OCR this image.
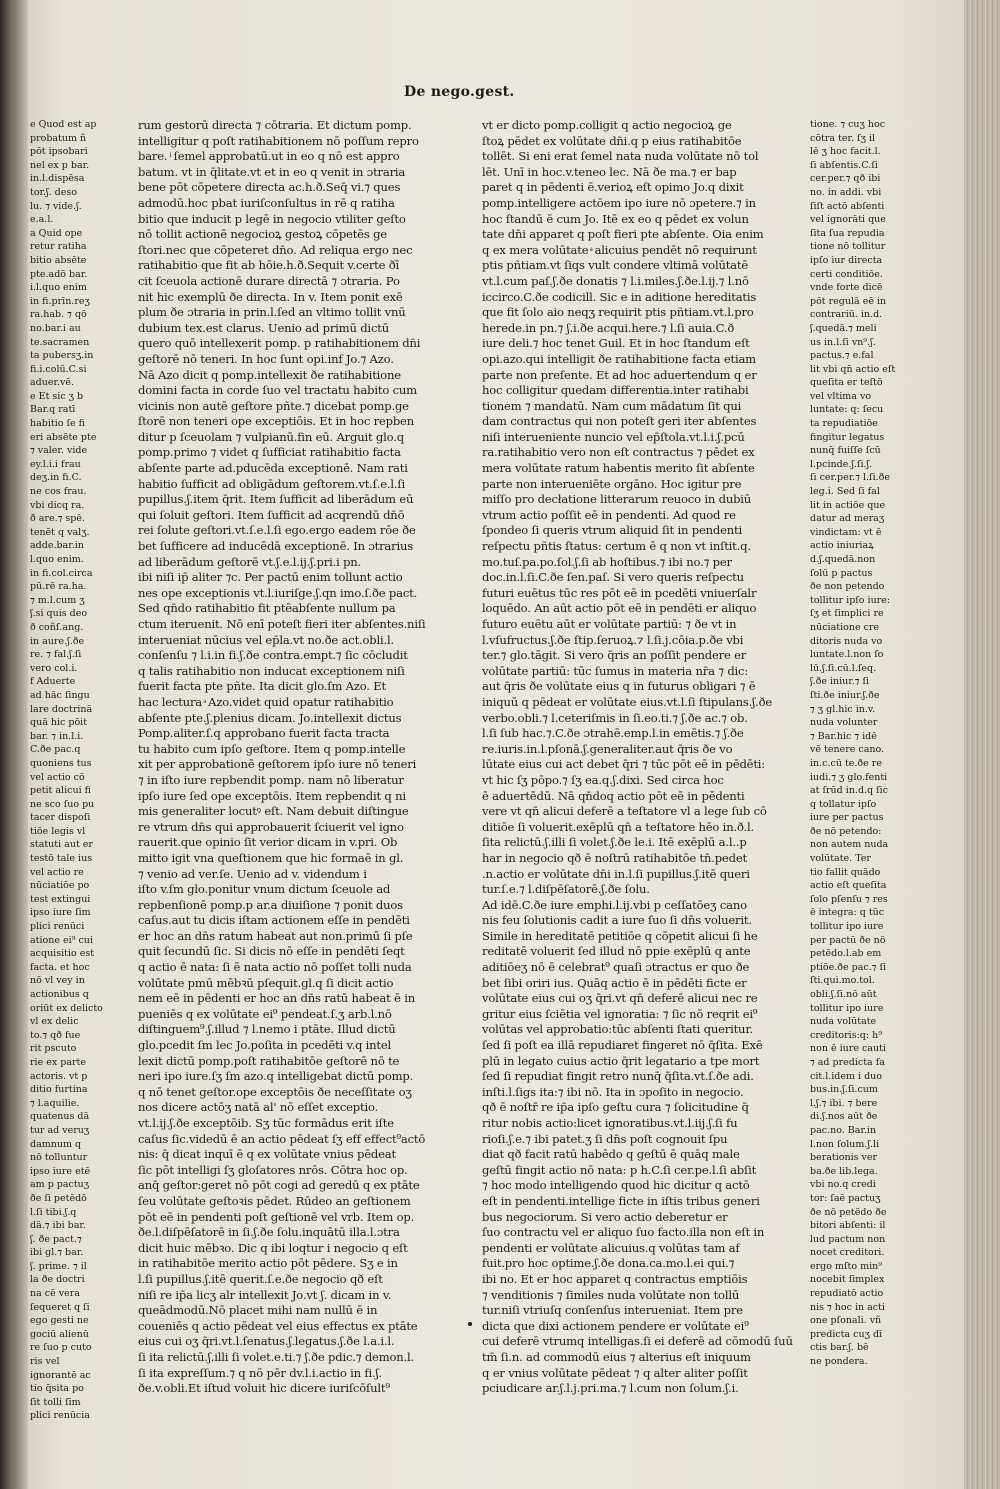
De nego.gest.

e Quod est ap

probatum ñ

pōt ipsobari

nel ex p bar.

in.l.dispēsa

tor.ʃ. deso

lu. ⁊ vide.ʃ.

e.a.l.

a Quid ope

retur ratiha

bitio absēte

pte.adō bar.

i.l.quo enim

in fi.prīn.reʒ

ra.hab. ⁊ qō

no.bar.i au

te.sacramen

ta pubersʒ.in

fi.i.colū.C.si

aduer.vē.

e Et sic ʒ b

Bar.q ratī

habitio ſe fi

eri absēte pte

⁊ valer. vide

ey.l.i.i frau

deʒ.in fi.C.

ne cos frau.

vbi dicq ra.

ð are.⁊ spē.

tenēt q valʒ.

adde.bar.in

l.quo enim.

in fi.col.circa

pū.rē ra.ha.

⁊ m.l.cum ʒ

ʃ.si quis deo

ð coñſ.ang.

in aure.ʃ.ðe

re. ⁊ fal.ʃ.ſi

vero col.i.

f Aduerte

ad hāc ſingu

lare doctrinā

quā hic pōit

bar. ⁊ in.l.i.

C.ðe pac.q

quoniens tus

vel actio cō

petit alicui fi

ne sco ſuo pu

tacer dispoſi

tiōe legis vl

statuti aut er

testō tale ius

vel actio re

nūciatiōe po

test extingui

ipso iure ſim

plici renūci

atione ei⁹ cui

acquisitio est

facta. et hoc

nō vl vey in

actionibus q

oriūt ex delicto

vl ex delic

to.⁊ qð fue

rit pscuto

rie ex parte

actoris. vt p

ditio furtina

⁊ l.aquilie.

quatenus dā

tur ad veruʒ

damnum q

nō tolluntur

ipso iure etē

am p pactuʒ

ðe ſi petēdō

l.ſi tibi.ʃ.q

dā.⁊ ibi bar.

ʃ. ðe pact.⁊

ibi gl.⁊ bar.

ʃ. prime. ⁊ il

la ðe doctri

na cē vera

ſequeret q ſi

ego gesti ne

gociū alienū

re ſuo p cuto

ris vel

ignorantē ac

tio q̄sita po

ſit tolli ſim

plici renūcia

rum gestorū directa ⁊ cōtraria. Et dictum pomp.

intelligitur q poſt ratihabitionem nō poſſum repro

bare. ͥ ſemel approbatū.ut in eo q nō est appro

batum. vt in q̄litate.vt et in eo q venit in ɔtraria

bene pōt cōpetere directa ac.h.ð.Seq̄ vi.⁊ ques

admodū.hoc pbat iuriſconſultus in rē q ratiha

bitio que inducit p legē in negocio vtiliter geſto

nō tollit actionē negocioꝝ gestoꝝ cōpetēs ge

ſtori.nec que cōpeteret dn̄o. Ad reliqua ergo nec

ratihabitio que fit ab hōie.h.ð.Sequit v.certe ðī

cit ſceuola actionē durare directā ⁊ ɔtraria. Po

nit hic exemplū ðe directa. In v. Item ponit exē

plum ðe ɔtraria in prin.l.ſed an vltimo tollit vnū

dubium tex.est clarus. Uenio ad primū dictū

quero quō intellexerit pomp. p ratihabitionem dn̄i

geſtorē nō teneri. In hoc ſunt opi.inf Jo.⁊ Azo.

Nā Azo dicit q pomp.intellexit ðe ratihabitione

domini facta in corde ſuo vel tractatu habito cum

vicinis non autē geſtore pñte.⁊ dicebat pomp.ge

ſtorē non teneri ope exceptiōis. Et in hoc repben

ditur p ſceuolam ⁊ vulpianū.fin eū. Arguit glo.q

pomp.primo ⁊ videt q ſufficiat ratihabitio facta

abſente parte ad.pducēda exceptionē. Nam rati

habitio ſufficit ad obligādum geſtorem.vt.ſ.e.l.ſi

pupillus.ʃ.item q̄rit. Item ſufficit ad liberādum eū

qui ſoluit geſtori. Item ſufficit ad acqrendū dn̄ō

rei ſolute geſtori.vt.ſ.e.l.ſi ego.ergo eadem rōe ðe

bet ſufficere ad inducēdā exceptionē. In ɔtrarius

ad liberādum geſtorē vt.ʃ.e.l.ij.ʃ.pri.i pn.

ibi niſi ip̄ aliter ⁊c. Per pactū enim tollunt actio

nes ope exceptionis vt.l.iuriſge.ʃ.qn imo.ſ.ðe pact.

Sed qn̄do ratihabitio fit ptēabſente nullum pa

ctum iteruenit. Nō enī poteſt fieri iter abſentes.niſi

interueniat nūcius vel ep̄la.vt no.ðe act.obli.l.

conſenſu ⁊ l.i.in fi.ʃ.ðe contra.empt.⁊ ſic cōcludit

q talis ratihabitio non inducat exceptionem niſi

fuerit facta pte pñte. Ita dicit glo.ſm Azo. Et

hac lectura ͣ Azo.videt quid opatur ratihabitio

abſente pte.ʃ.plenius dicam. Jo.intellexit dictus

Pomp.aliter.ſ.q approbano fuerit facta tracta

tu habito cum ipſo geſtore. Item q pomp.intelle

xit per approbationē geſtorem ipſo iure nō teneri

⁊ in iſto iure repbendit pomp. nam nō liberatur

ipſo iure ſed ope exceptōis. Item repbendit q ni

mis generaliter locutꝰ eſt. Nam debuit diſtingue

re vtrum dn̄s qui approbauerit ſciuerit vel igno

rauerit.que opinio ſit verior dicam in v.pri. Ob

mitto igit vna queſtionem que hic formaē in gl.

⁊ venio ad ver.ſe. Uenio ad v. videndum i

iſto v.ſm glo.ponitur vnum dictum ſceuole ad

repbenſionē pomp.p ar.a diuiſione ⁊ ponit duos

caſus.aut tu dicis iſtam actionem eſſe in pendēti

er hoc an dn̄s ratum habeat aut non.primū ſi pſe

quit ſecundū ſic. Si dicis nō eſſe in pendēti ſeqt

q actio ē nata: ſi ē nata actio nō poſſet tolli nuda

volūtate pmū mēbꝛū pſequit.gl.q ſi dicit actio

nem eē in pēdenti er hoc an dn̄s ratū habeat ē in

pueniēs q ex volūtate ei⁹ pendeat.ſ.ʒ arb.l.nō

diſtinguem⁹.ʃ.illud ⁊ l.nemo i ptāte. Illud dictū

glo.pcedit ſm lec Jo.poſita in pcedēti v.q intel

lexit dictū pomp.poſt ratihabitōe geſtorē nō te

neri ipo iure.ſʒ ſm azo.q intelligebat dictū pomp.

q nō tenet geſtor.ope exceptōis ðe neceſſitate oʒ

nos dicere actōʒ natā al' nō eſſet exceptio.

vt.l.ij.ʃ.ðe exceptōib. Sʒ tūc formādus erit iſte

caſus ſic.videdū ē an actio pēdeat ſʒ eff effect⁹actō

nis: q̄ dicat inquī ē q ex volūtate vnius pēdeat

ſic pōt intelligi ſʒ gloſatores nrōs. Cōtra hoc op.

anq̄ geſtor:geret nō pōt cogi ad geredū q ex ptāte

ſeu volūtate geſtoꝛis pēdet. Rūdeo an geſtionem

pōt eē in pendenti poſt geſtionē vel vrb. Item op.

ðe.l.diſpēſatorē in ſi.ʃ.ðe ſolu.inquātū illa.l.ɔtra

dicit huic mēbꝛo. Dic q ibi loqtur i negocio q eſt

in ratihabitōe merito actio pōt pēdere. Sʒ e in

l.ſi pupillus.ʃ.itē querit.ſ.e.ðe negocio qð eſt

niſi re ip̄a licʒ alr intellexit Jo.vt ʃ. dicam in v.

queādmodū.Nō placet mihi nam nullū ē in

coueniēs q actio pēdeat vel eius effectus ex ptāte

eius cui oʒ q̄ri.vt.l.ſenatus.ʃ.legatus.ʃ.ðe l.a.i.l.

ſi ita relictū.ʃ.illi ſi volet.e.ti.⁊ ʃ.ðe pdic.⁊ demon.l.

ſi ita expreſſum.⁊ q nō pēr dv.l.i.actio in fi.ʃ.

ðe.v.obli.Et iſtud voluit hic dicere iuriſcōſult⁹

vt er dicto pomp.colligit q actio negocioꝝ ge

ſtoꝝ pēdet ex volūtate dn̄i.q p eius ratihabitōe

tollēt. Si eni erat ſemel nata nuda volūtate nō tol

lēt. Unī in hoc.v.teneo lec. Nā ðe ma.⁊ er bap

paret q in pēdenti ē.verioꝝ eſt opimo Jo.q dixit

pomp.intelligere actōem ipo iure nō ɔpetere.⁊ in

hoc ſtandū ē cum Jo. Itē ex eo q pēdet ex volun

tate dn̄i apparet q poſt fieri pte abſente. Oia enim

q ex mera volūtate ͣ alicuius pendēt nō requirunt

ptis pñtiam.vt ſiqs vult condere vltimā volūtatē

vt.l.cum paſ.ʃ.ðe donatis ⁊ l.i.miles.ʃ.ðe.l.ij.⁊ l.nō

iccirco.C.ðe codicill. Sic e in aditione hereditatis

que fit ſolo aio neqʒ requirit ptis pñtiam.vt.l.pro

herede.in pn.⁊ ʃ.i.ðe acqui.here.⁊ l.ſi auia.C.ð

iure deli.⁊ hoc tenet Guil. Et in hoc ſtandum eſt

opi.azo.qui intelligit ðe ratihabitione facta etiam

parte non preſente. Et ad hoc aduertendum q er

hoc colligitur quedam differentia.inter ratihabi

tionem ⁊ mandatū. Nam cum mādatum ſit qui

dam contractus qui non poteſt geri iter abſentes

niſi interueniente nuncio vel ep̄ſtola.vt.l.i.ʃ.pcū

ra.ratihabitio vero non eſt contractus ⁊ pēdet ex

mera volūtate ratum habentis merito ſit abſente

parte non interueniēte orgāno. Hoc igitur pre

miſſo pro decłatione litterarum reuoco in dubiū

vtrum actio poſſit eē in pendenti. Ad quod re

ſpondeo ſi queris vtrum aliquid ſit in pendenti

reſpectu pñtis ſtatus: certum ē q non vt inſtit.q.

mo.tuſ.pa.po.ſol.ʃ.ſi ab hoſtibus.⁊ ibi no.⁊ per

doc.in.l.ſi.C.ðe ſen.paſ. Si vero queris reſpectu

futuri euētus tūc res pōt eē in pcedēti vniuerſalr

loquēdo. An aūt actio pōt eē in pendēti er aliquo

futuro euētu aūt er volūtate partiū: ⁊ ðe vt in

l.vſufructus.ʃ.ðe ſtip.ſeruoꝝ.⁊ l.ſi.j.cōia.p.ðe vbi

ter.⁊ glo.tāgit. Si vero q̄ris an poſſit pendere er

volūtate partiū: tūc ſumus in materia nr̄a ⁊ dic:

aut q̄ris ðe volūtate eius q in futurus obligari ⁊ ē

iniquū q pēdeat er volūtate eius.vt.l.ſi ſtipulans.ʃ.ðe

verbo.obli.⁊ l.ceteriſmis in ſi.eo.ti.⁊ ʃ.ðe ac.⁊ ob.

l.ſi ſub hac.⁊.C.ðe ɔtrahē.emp.l.in emētis.⁊ ʃ.ðe

re.iuris.in.l.pſonā.ʃ.generaliter.aut q̄ris ðe vo

lūtate eius cui act debet q̄ri ⁊ tūc pōt eē in pēdēti:

vt hic ſʒ pōpo.⁊ ſʒ ea.q.ʃ.dixi. Sed circa hoc

ē aduertēdū. Nā qn̄doq actio pōt eē in pēdenti

vere vt qn̄ alicui deferē a teſtatore vl a lege ſub cō

ditiōe ſi voluerit.exēplū qn̄ a teſtatore hēo in.ð.l.

ſita relictū.ʃ.illi ſi volet.ʃ.ðe le.i. Itē exēplū a.l..p

har in negocio qð ē noſtrū ratihabitōe tn̄.pedet

.n.actio er volūtate dn̄i in.l.ſi pupillus.ʃ.itē queri

tur.ſ.e.⁊ l.diſpēſatorē.ʃ.ðe ſolu.

Ad idē.C.ðe iure emphi.l.ij.vbi p ceſſatōeʒ cano

nis feu ſolutionis cadit a iure ſuo ſi dn̄s voluerit.

Simile in hereditatē petitiōe q cōpetit alicui ſi he

reditatē voluerit ſed illud nō ppie exēplū q ante

aditiōeʒ nō ē celebrat⁹ quaſi ɔtractus er quo ðe

bet ſibi oriri ius. Quāq actio ē in pēdēti ficte er

volūtate eius cui oʒ q̄ri.vt qn̄ deferē alicui nec re

gritur eius ſciētia vel ignoratia: ⁊ ſic nō reqrit ei⁹

volūtas vel approbatio:tūc abſenti ſtati queritur.

ſed ſi poſt ea illā repudiaret fingeret nō q̄ſita. Exē

plū in legato cuius actio q̄rit legatario a tpe mort

ſed ſi repudiat fingit retro nunq̄ q̄ſita.vt.ſ.ðe adi.

inſti.l.ſigs ita:⁊ ibi nō. Ita in ɔpoſito in negocio.

qð ē noſtr̄ re ip̄a ipſo geſtu cura ⁊ ſolicitudine q̄

ritur nobis actio:licet ignoratibus.vt.l.iij.ʃ.ſi fu

rioſi.ʃ.e.⁊ ibi patet.ʒ ſi dn̄s poſt cognouit ſpu

diat qð facit ratū habēdo q geſtū ē quāq male

geſtū fingit actio nō nata: p h.C.ſi cer.pe.l.ſi abſit

⁊ hoc modo intelligendo quod hic dicitur q actō

eſt in pendenti.intellige ficte in iſtis tribus generi

bus negociorum. Si vero actio deberetur er

ſuo contractu vel er aliquo ſuo facto.illa non eſt in

pendenti er volūtate alicuius.q volūtas tam af

fuit.pro hoc optime.ʃ.ðe dona.ca.mo.l.ei qui.⁊

ibi no. Et er hoc apparet q contractus emptiōis

⁊ venditionis ⁊ ſimiles nuda volūtate non tollū

tur.niſi vtriuſq conſenſus interueniat. Item pre

dicta que dixi actionem pendere er volūtate ei⁹

cui deferē vtrumq intelligas.ſi ei deferē ad cōmodū ſuū

tm̄ ſi.n. ad commodū eius ⁊ alterius eſt iniquum

q er vnius volūtate pēdeat ⁊ q alter aliter poſſit

pciudicare ar.ʃ.l.j.pri.ma.⁊ l.cum non ſolum.ʃ.i.

tione. ⁊ cuʒ hoc

cōtra ter. ſʒ il

lē ʒ hoc facit.l.

ſi abſentis.C.ſi

cer.per.⁊ qð ibi

no. in addi. vbi

ſiſt actō abſenti

vel ignorāti que

ſita ſua repudia

tione nō tollitur

ipſo iur directa

certi conditiōe.

vnde forte dicē

pōt regulā eē in

contrariū. in.d.

ʃ.quedā.⁊ meli

us in.l.ſi vn⁹.ʃ.

pactus.⁊ e.fal

lit vbi qn̄ actio eſt

queſita er teſtō

vel vltima vo

luntate: q: ſecu

ta repudiatiōe

fingitur legatus

nunq̄ fuiſſe ſcū

l.pcinde.ʃ.ſi.ʃ.

ſi cer.per.⁊ l.ſi.ðe

leg.i. Sed ſi fal

lit in actiōe que

datur ad meraʒ

vindictam: vt ē

actio iniuriaꝝ

d.ʃ.quedā.non

ſolū p pactus

ðe non petendo

tollitur ipſo iure:

ſʒ et ſimplici re

nūciatione cre

ditoris nuda vo

luntate.l.non ſo

lū.ʃ.ſi.cū.l.ſeq.

ʃ.ðe iniur.⁊ ſi

ſti.ðe iniur.ʃ.ðe

⁊ ʒ gl.hic in.v.

nuda volunter

⁊ Bar.hic ⁊ idē

vē tenere cano.

in.c.cū te.ðe re

iudi.⁊ ʒ glo.fenti

at ſrūd in.d.q ſic

q tollatur ipſo

iure per pactus

ðe nō petendo:

non autem nuda

volūtate. Ter

tio fallit quādo

actio eſt queſita

ſolo pſenſu ⁊ res

ē integra: q tūc

tollitur ipo iure

per pactū ðe nō

petēdo.l.ab em

ptiōe.ðe pac.⁊ ſi

ſti.qui.mo.tol.

obli.ʃ.ſi.nō aūt

tollitur ipo iure

nuda volūtate

creditoris:q: h⁹

non ē iure cauti

⁊ ad predicta fa

cit.l.idem i duo

bus.in.ʃ.ſi.cum

l.ʃ.⁊ ibi. ⁊ bere

di.ʃ.nos aūt ðe

pac.no. Bar.in

l.non ſolum.ʃ.li

berationis ver

ba.ðe lib.lega.

vbi no.q credi

tor: ſaē pactuʒ

ðe nō petēdo ðe

bitori abſenti: il

lud pactum non

nocet creditori.

ergo mſto min⁹

nocebit ſimplex

repudiatō actio

nis ⁊ hoc in acti

one pſonali. vñ

predicta cuʒ dī

ctis bar.ʃ. bē

ne pondera.
